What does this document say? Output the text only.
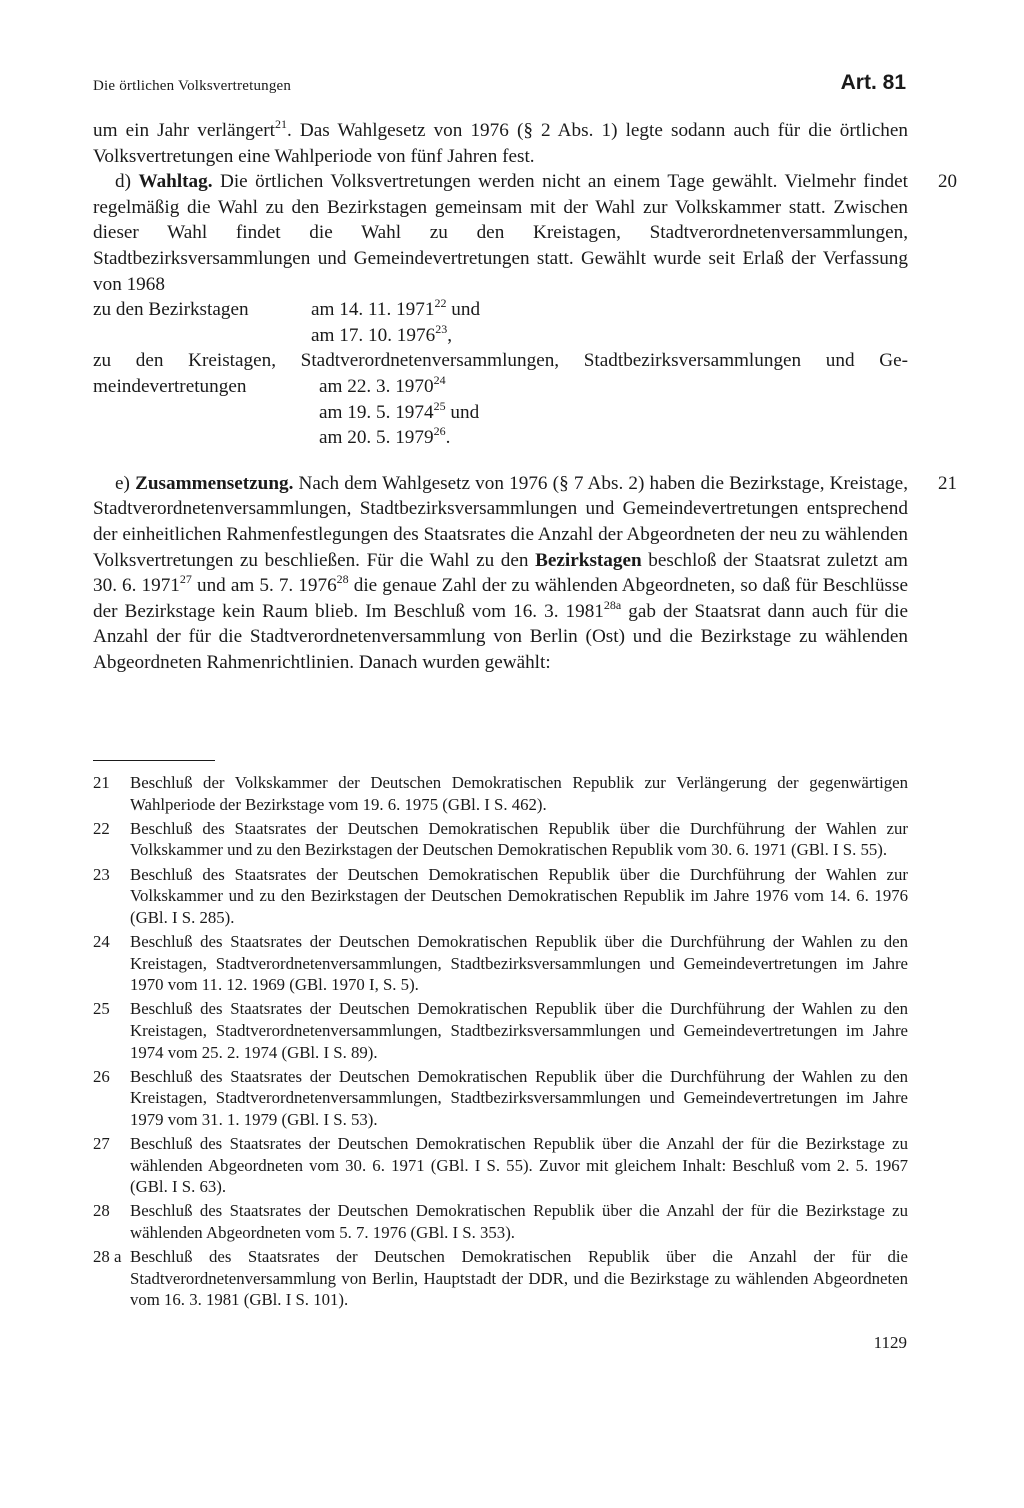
Die örtlichen Volksvertretungen	Art. 81

um ein Jahr verlängert$^{21}$. Das Wahlgesetz von 1976 (§ 2 Abs. 1) legte sodann auch für die örtlichen Volksvertretungen eine Wahlperiode von fünf Jahren fest.

20

d) Wahltag. Die örtlichen Volksvertretungen werden nicht an einem Tage gewählt. Vielmehr findet regelmäßig die Wahl zu den Bezirkstagen gemeinsam mit der Wahl zur Volkskammer statt. Zwischen dieser Wahl findet die Wahl zu den Kreistagen, Stadtverordnetenversammlungen, Stadtbezirksversammlungen und Gemeindevertretungen statt. Gewählt wurde seit Erlaß der Verfassung von 1968

zu den Bezirkstagen	am 14. 11. 1971$^{22}$ und
am 17. 10. 1976$^{23}$,
zu den Kreistagen, Stadtverordnetenversammlungen, Stadtbezirksversammlungen und Ge-
meindevertretungen	am 22. 3. 1970$^{24}$
am 19. 5. 1974$^{25}$ und
am 20. 5. 1979$^{26}$.
21

e) Zusammensetzung. Nach dem Wahlgesetz von 1976 (§ 7 Abs. 2) haben die Bezirkstage, Kreistage, Stadtverordnetenversammlungen, Stadtbezirksversammlungen und Gemeindevertretungen entsprechend der einheitlichen Rahmenfestlegungen des Staatsrates die Anzahl der Abgeordneten der neu zu wählenden Volksvertretungen zu beschließen. Für die Wahl zu den Bezirkstagen beschloß der Staatsrat zuletzt am 30. 6. 1971$^{27}$ und am 5. 7. 1976$^{28}$ die genaue Zahl der zu wählenden Abgeordneten, so daß für Beschlüsse der Bezirkstage kein Raum blieb. Im Beschluß vom 16. 3. $1981^{28a}$ gab der Staatsrat dann auch für die Anzahl der für die Stadtverordnetenversammlung von Berlin (Ost) und die Bezirkstage zu wählenden Abgeordneten Rahmenrichtlinien. Danach wurden gewählt:

21	Beschluß der Volkskammer der Deutschen Demokratischen Republik zur Verlängerung der gegenwärtigen Wahlperiode der Bezirkstage vom 19. 6. 1975 (GBl. I S. 462).
22	Beschluß des Staatsrates der Deutschen Demokratischen Republik über die Durchführung der Wahlen zur Volkskammer und zu den Bezirkstagen der Deutschen Demokratischen Republik vom 30. 6. 1971 (GBl. I S. 55).
23	Beschluß des Staatsrates der Deutschen Demokratischen Republik über die Durchführung der Wahlen zur Volkskammer und zu den Bezirkstagen der Deutschen Demokratischen Republik im Jahre 1976 vom 14. 6. 1976 (GBl. I S. 285).
24	Beschluß des Staatsrates der Deutschen Demokratischen Republik über die Durchführung der Wahlen zu den Kreistagen, Stadtverordnetenversammlungen, Stadtbezirksversammlungen und Gemeindevertretungen im Jahre 1970 vom 11. 12. 1969 (GBl. 1970 I, S. 5).
25	Beschluß des Staatsrates der Deutschen Demokratischen Republik über die Durchführung der Wahlen zu den Kreistagen, Stadtverordnetenversammlungen, Stadtbezirksversammlungen und Gemeindevertretungen im Jahre 1974 vom 25. 2. 1974 (GBl. I S. 89).
26	Beschluß des Staatsrates der Deutschen Demokratischen Republik über die Durchführung der Wahlen zu den Kreistagen, Stadtverordnetenversammlungen, Stadtbezirksversammlungen und Gemeindevertretungen im Jahre 1979 vom 31. 1. 1979 (GBl. I S. 53).
27	Beschluß des Staatsrates der Deutschen Demokratischen Republik über die Anzahl der für die Bezirkstage zu wählenden Abgeordneten vom 30. 6. 1971 (GBl. I S. 55). Zuvor mit gleichem Inhalt: Beschluß vom 2. 5. 1967 (GBl. I S. 63).
28	Beschluß des Staatsrates der Deutschen Demokratischen Republik über die Anzahl der für die Bezirkstage zu wählenden Abgeordneten vom 5. 7. 1976 (GBl. I S. 353).
28 a Beschluß des Staatsrates der Deutschen Demokratischen Republik über die Anzahl der für die Stadtverordnetenversammlung von Berlin, Hauptstadt der DDR, und die Bezirkstage zu wählenden Abgeordneten vom 16. 3. 1981 (GBl. I S. 101).
1129
